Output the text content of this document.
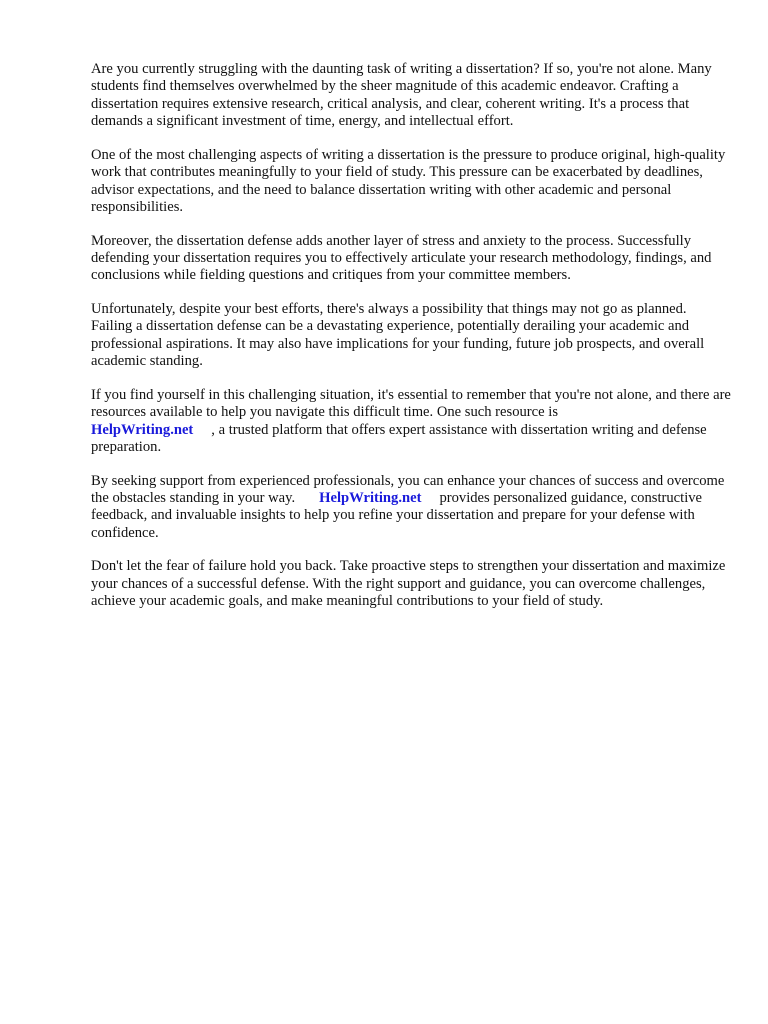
Are you currently struggling with the daunting task of writing a dissertation? If so, you're not alone. Many students find themselves overwhelmed by the sheer magnitude of this academic endeavor. Crafting a dissertation requires extensive research, critical analysis, and clear, coherent writing. It's a process that demands a significant investment of time, energy, and intellectual effort.

One of the most challenging aspects of writing a dissertation is the pressure to produce original, high-quality work that contributes meaningfully to your field of study. This pressure can be exacerbated by deadlines, advisor expectations, and the need to balance dissertation writing with other academic and personal responsibilities.

Moreover, the dissertation defense adds another layer of stress and anxiety to the process. Successfully defending your dissertation requires you to effectively articulate your research methodology, findings, and conclusions while fielding questions and critiques from your committee members.

Unfortunately, despite your best efforts, there's always a possibility that things may not go as planned. Failing a dissertation defense can be a devastating experience, potentially derailing your academic and professional aspirations. It may also have implications for your funding, future job prospects, and overall academic standing.

If you find yourself in this challenging situation, it's essential to remember that you're not alone, and there are resources available to help you navigate this difficult time. One such resource is
HelpWriting.net , a trusted platform that offers expert assistance with dissertation writing and defense preparation.

By seeking support from experienced professionals, you can enhance your chances of success and overcome the obstacles standing in your way. HelpWriting.net provides personalized guidance, constructive feedback, and invaluable insights to help you refine your dissertation and prepare for your defense with confidence.

Don't let the fear of failure hold you back. Take proactive steps to strengthen your dissertation and maximize your chances of a successful defense. With the right support and guidance, you can overcome challenges, achieve your academic goals, and make meaningful contributions to your field of study.
